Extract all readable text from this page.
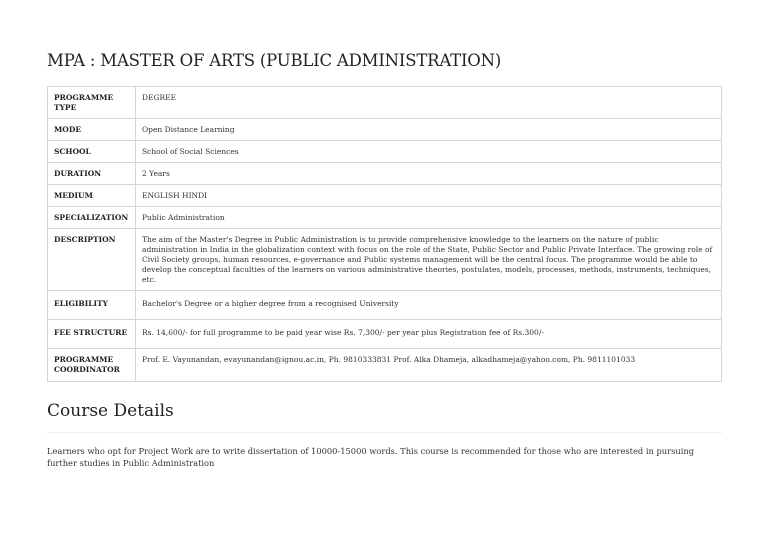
MPA : MASTER OF ARTS (PUBLIC ADMINISTRATION)
PROGRAMME TYPE	DEGREE
MODE	Open Distance Learning
SCHOOL	School of Social Sciences
DURATION	2 Years
MEDIUM	ENGLISH HINDI
SPECIALIZATION	Public Administration
DESCRIPTION	The aim of the Master's Degree in Public Administration is to provide comprehensive knowledge to the learners on the nature of public administration in India in the globalization context with focus on the role of the State, Public Sector and Public Private Interface. The growing role of Civil Society groups, human resources, e-governance and Public systems management will be the central focus. The programme would be able to develop the conceptual faculties of the learners on various administrative theories, postulates, models, processes, methods, instruments, techniques, etc.
ELIGIBILITY	Bachelor's Degree or a higher degree from a recognised University
FEE STRUCTURE	Rs. 14,600/- for full programme to be paid year wise Rs. 7,300/- per year plus Registration fee of Rs.300/-
PROGRAMME COORDINATOR	Prof. E. Vayunandan, evayunandan@ignou.ac.in, Ph. 9810333831 Prof. Alka Dhameja, alkadhameja@yahoo.com, Ph. 9811101033
Course Details

Learners who opt for Project Work are to write dissertation of 10000-15000 words. This course is recommended for those who are interested in pursuing further studies in Public Administration
